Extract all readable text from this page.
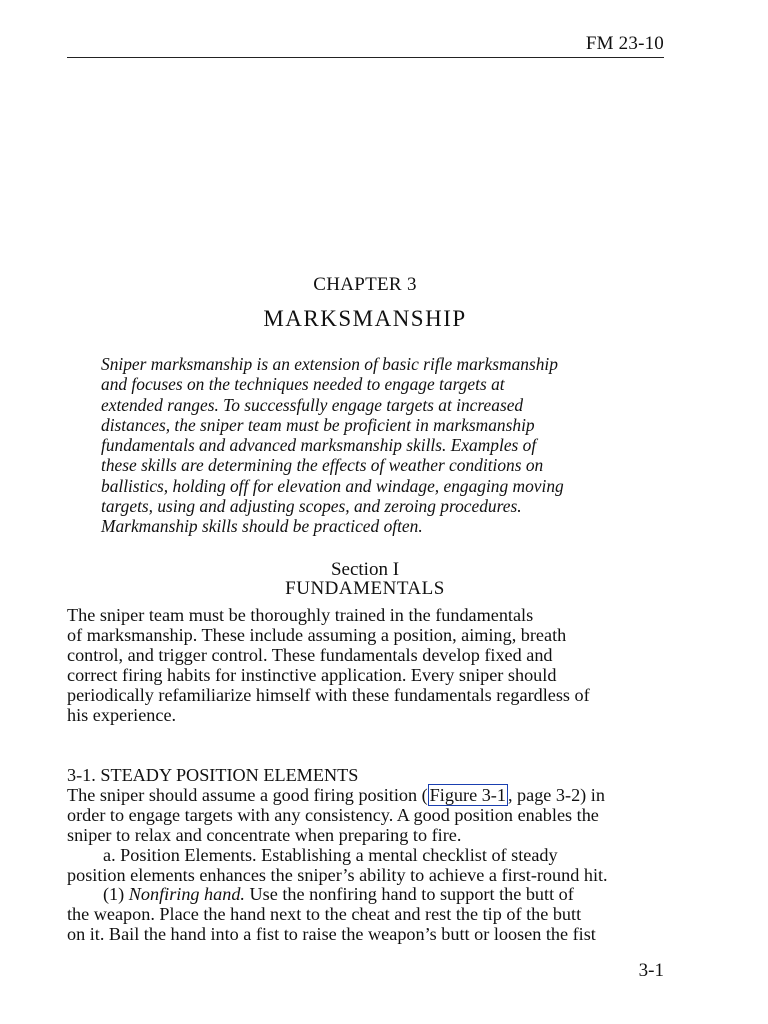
FM 23-10
CHAPTER 3
MARKSMANSHIP
Sniper marksmanship is an extension of basic rifle marksmanship
and focuses on the techniques needed to engage targets at
extended ranges. To successfully engage targets at increased
distances, the sniper team must be proficient in marksmanship
fundamentals and advanced marksmanship skills. Examples of
these skills are determining the effects of weather conditions on
ballistics, holding off for elevation and windage, engaging moving
targets, using and adjusting scopes, and zeroing procedures.
Markmanship skills should be practiced often.
Section I
FUNDAMENTALS
The sniper team must be thoroughly trained in the fundamentals
of marksmanship. These include assuming a position, aiming, breath
control, and trigger control. These fundamentals develop fixed and
correct firing habits for instinctive application. Every sniper should
periodically refamiliarize himself with these fundamentals regardless of
his experience.
3-1. STEADY POSITION ELEMENTS
The sniper should assume a good firing position ( Figure 3-1 , page 3-2) in
order to engage targets with any consistency. A good position enables the
sniper to relax and concentrate when preparing to fire.
a. Position Elements. Establishing a mental checklist of steady
position elements enhances the sniper’s ability to achieve a first-round hit.
(1) Nonfiring hand. Use the nonfiring hand to support the butt of
the weapon. Place the hand next to the cheat and rest the tip of the butt
on it. Bail the hand into a fist to raise the weapon’s butt or loosen the fist
3-1
